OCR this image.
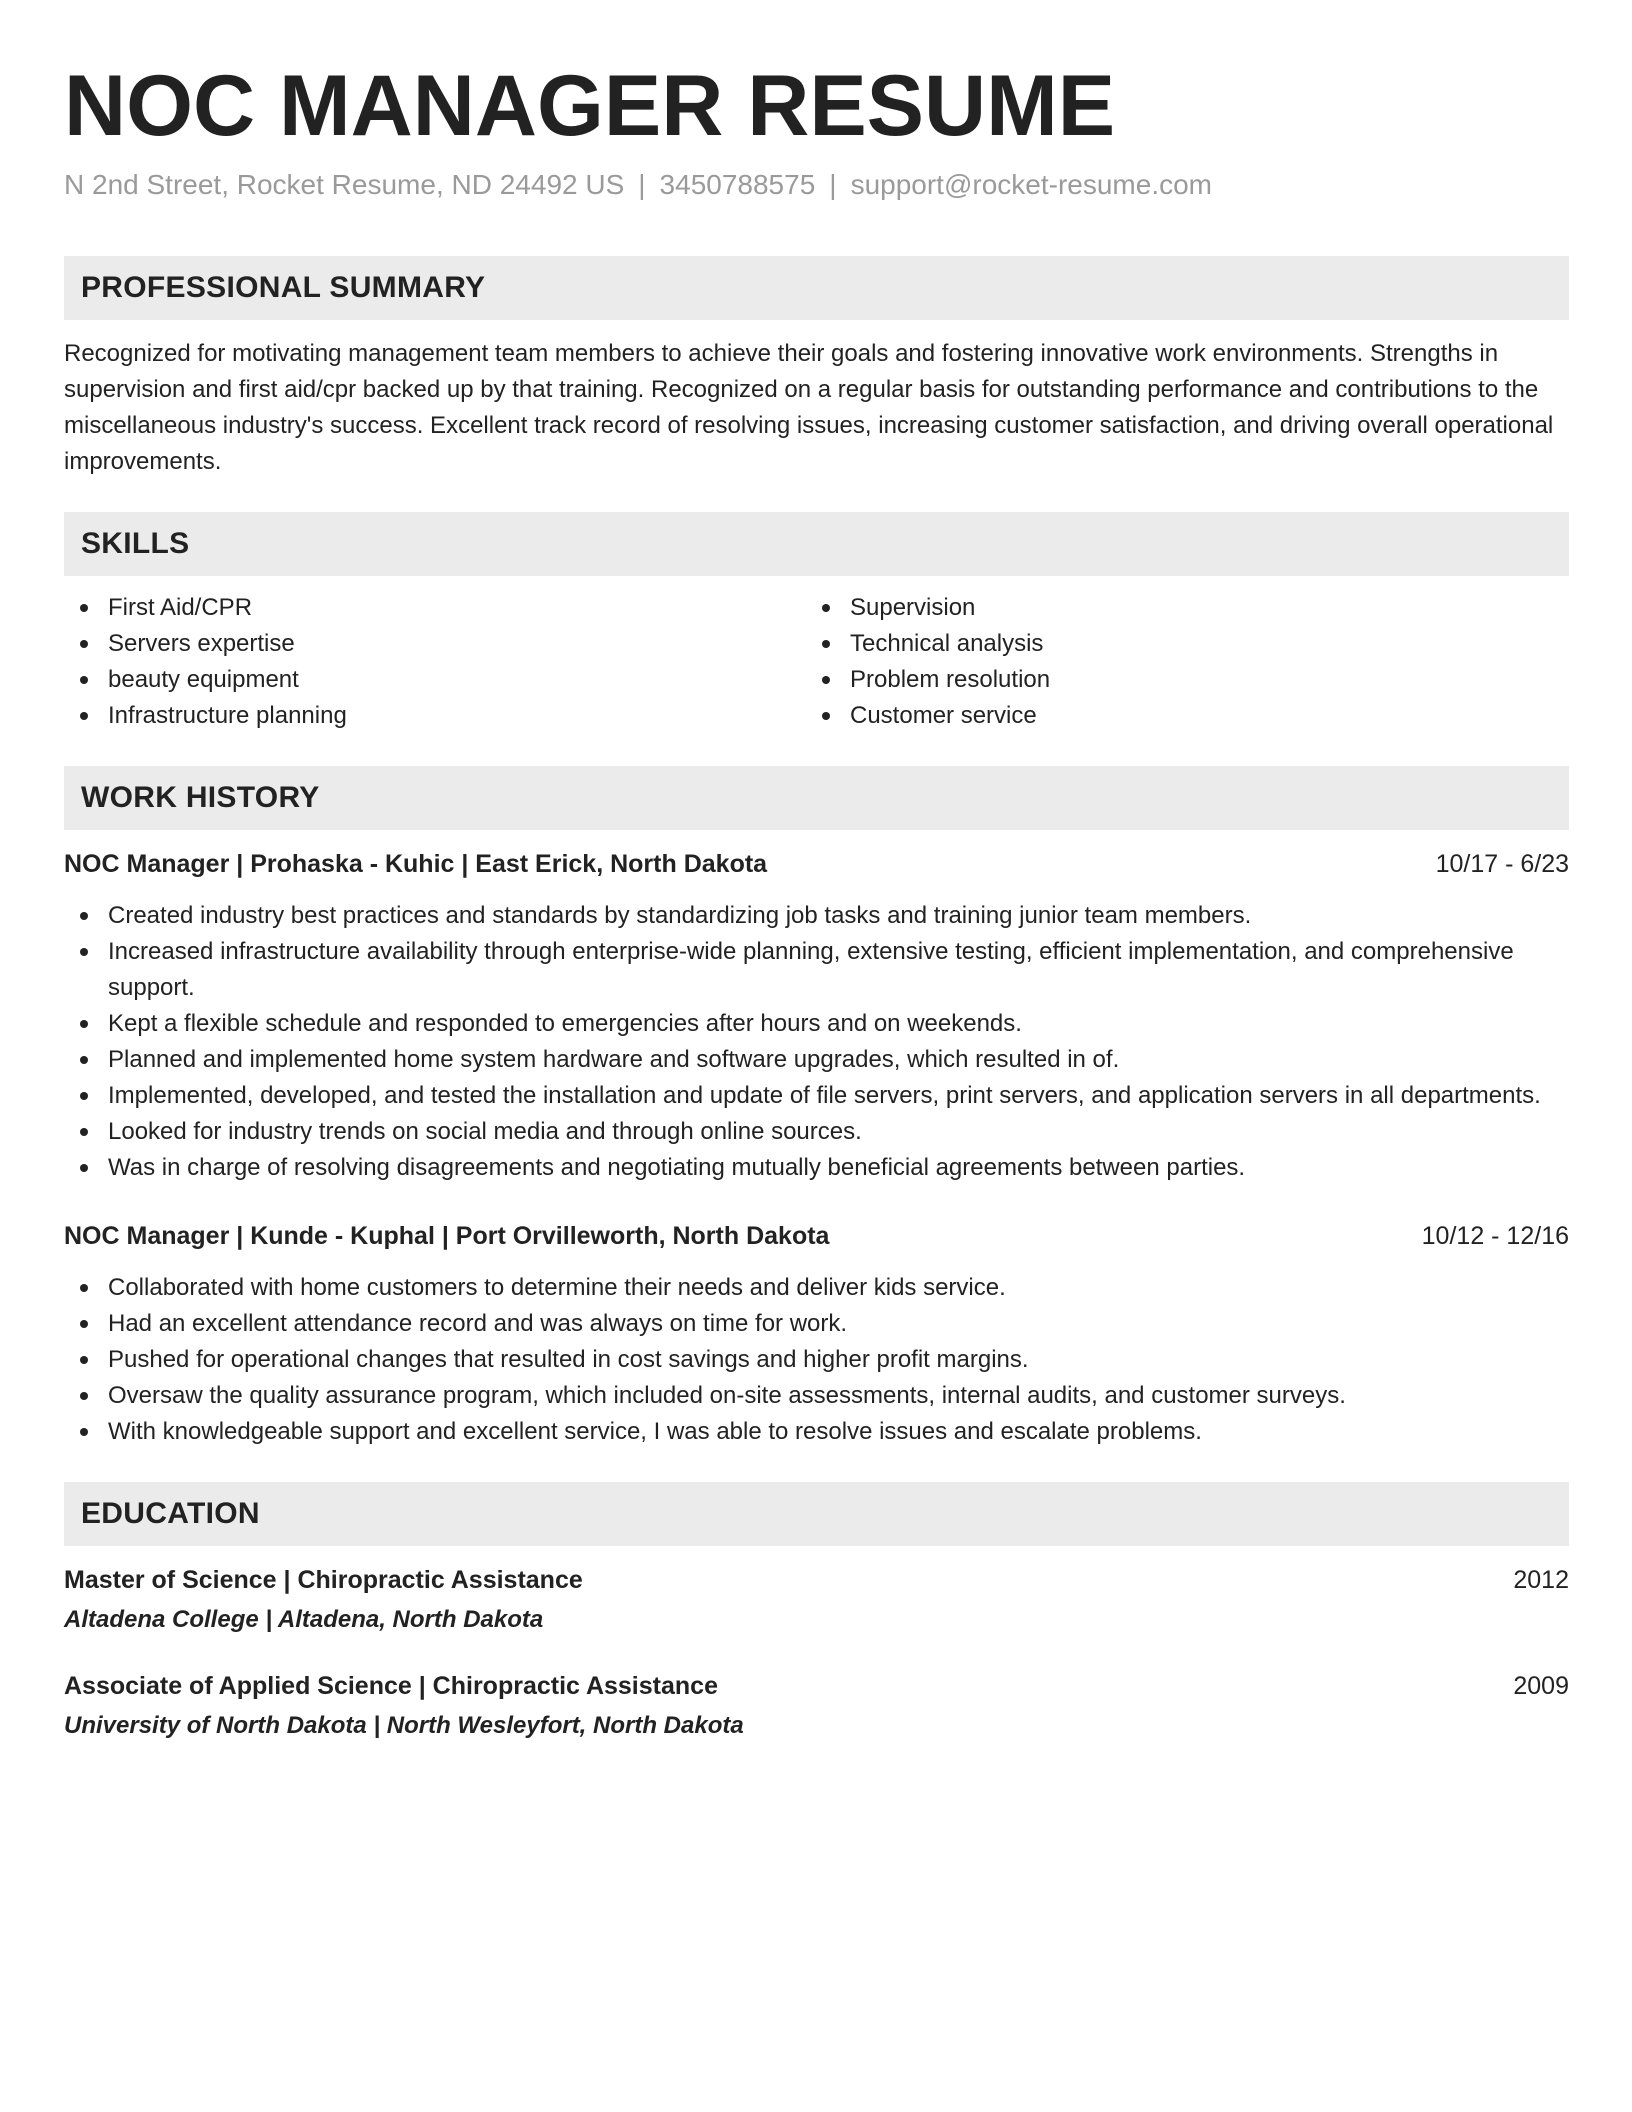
NOC MANAGER RESUME
N 2nd Street, Rocket Resume, ND 24492 US | 3450788575 | support@rocket-resume.com
PROFESSIONAL SUMMARY
Recognized for motivating management team members to achieve their goals and fostering innovative work environments. Strengths in supervision and first aid/cpr backed up by that training. Recognized on a regular basis for outstanding performance and contributions to the miscellaneous industry's success. Excellent track record of resolving issues, increasing customer satisfaction, and driving overall operational improvements.
SKILLS
First Aid/CPR	Supervision
Servers expertise	Technical analysis
beauty equipment	Problem resolution
Infrastructure planning	Customer service
WORK HISTORY
NOC Manager | Prohaska - Kuhic | East Erick, North Dakota	10/17 - 6/23
Created industry best practices and standards by standardizing job tasks and training junior team members.
Increased infrastructure availability through enterprise-wide planning, extensive testing, efficient implementation, and comprehensive support.
Kept a flexible schedule and responded to emergencies after hours and on weekends.
Planned and implemented home system hardware and software upgrades, which resulted in of.
Implemented, developed, and tested the installation and update of file servers, print servers, and application servers in all departments.
Looked for industry trends on social media and through online sources.
Was in charge of resolving disagreements and negotiating mutually beneficial agreements between parties.
NOC Manager | Kunde - Kuphal | Port Orvilleworth, North Dakota	10/12 - 12/16
Collaborated with home customers to determine their needs and deliver kids service.
Had an excellent attendance record and was always on time for work.
Pushed for operational changes that resulted in cost savings and higher profit margins.
Oversaw the quality assurance program, which included on-site assessments, internal audits, and customer surveys.
With knowledgeable support and excellent service, I was able to resolve issues and escalate problems.
EDUCATION
Master of Science | Chiropractic Assistance	2012
Altadena College | Altadena, North Dakota
Associate of Applied Science | Chiropractic Assistance	2009
University of North Dakota | North Wesleyfort, North Dakota
